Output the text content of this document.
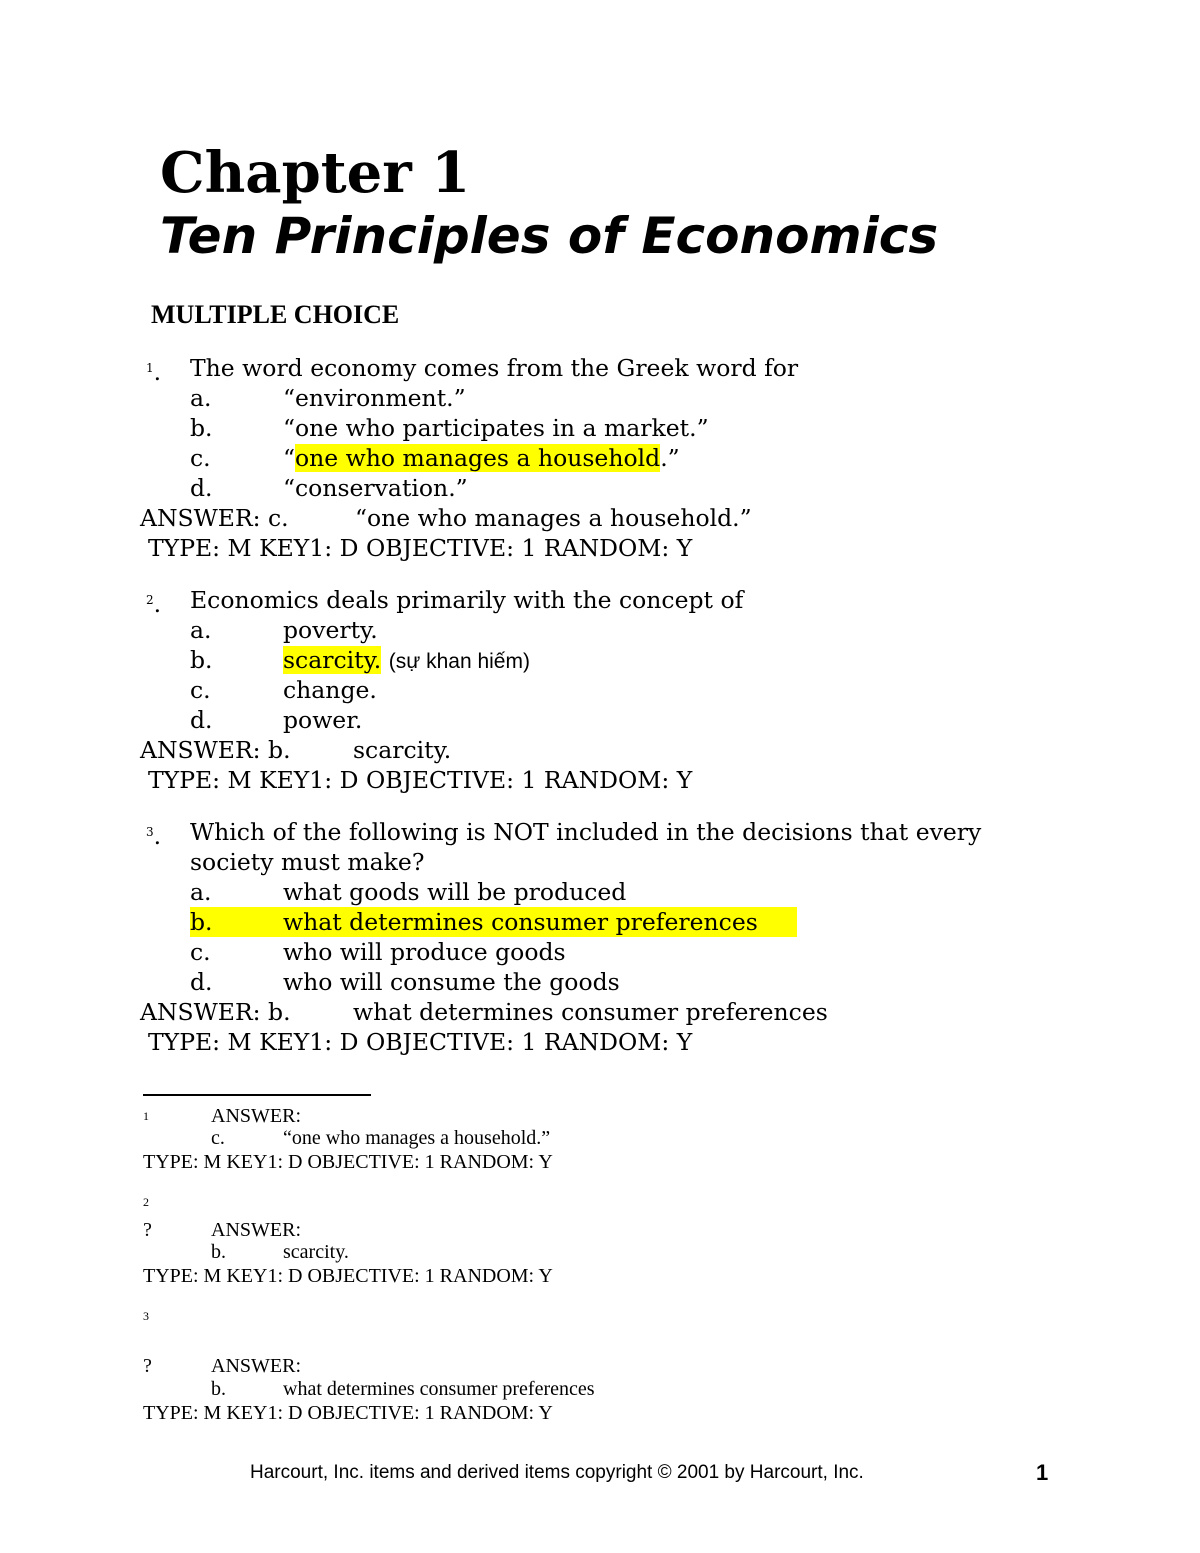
Chapter 1
Ten Principles of Economics
MULTIPLE CHOICE
$^1$.	The word economy comes from the Greek word for
a.	“environment.”
b.	“one who participates in a market.”
c.	“one who manages a household.”
d.	“conservation.”
ANSWER: c.	“one who manages a household.”
TYPE: M KEY1: D OBJECTIVE: 1 RANDOM: Y
$^2$.	Economics deals primarily with the concept of
a.	poverty.
b.	scarcity. (sự khan hiếm)
c.	change.
d.	power.
ANSWER: b.	scarcity.
TYPE: M KEY1: D OBJECTIVE: 1 RANDOM: Y
$^3$.	Which of the following is NOT included in the decisions that every
society must make?
a.	what goods will be produced
b.	what determines consumer preferences
c.	who will produce goods
d.	who will consume the goods
ANSWER: b.	what determines consumer preferences
TYPE: M KEY1: D OBJECTIVE: 1 RANDOM: Y
1	ANSWER:
c.	“one who manages a household.”
TYPE: M KEY1: D OBJECTIVE: 1 RANDOM: Y
2
?	ANSWER:
b.	scarcity.
TYPE: M KEY1: D OBJECTIVE: 1 RANDOM: Y
3
?	ANSWER:
b.	what determines consumer preferences
TYPE: M KEY1: D OBJECTIVE: 1 RANDOM: Y
Harcourt, Inc. items and derived items copyright © 2001 by Harcourt, Inc.	1
